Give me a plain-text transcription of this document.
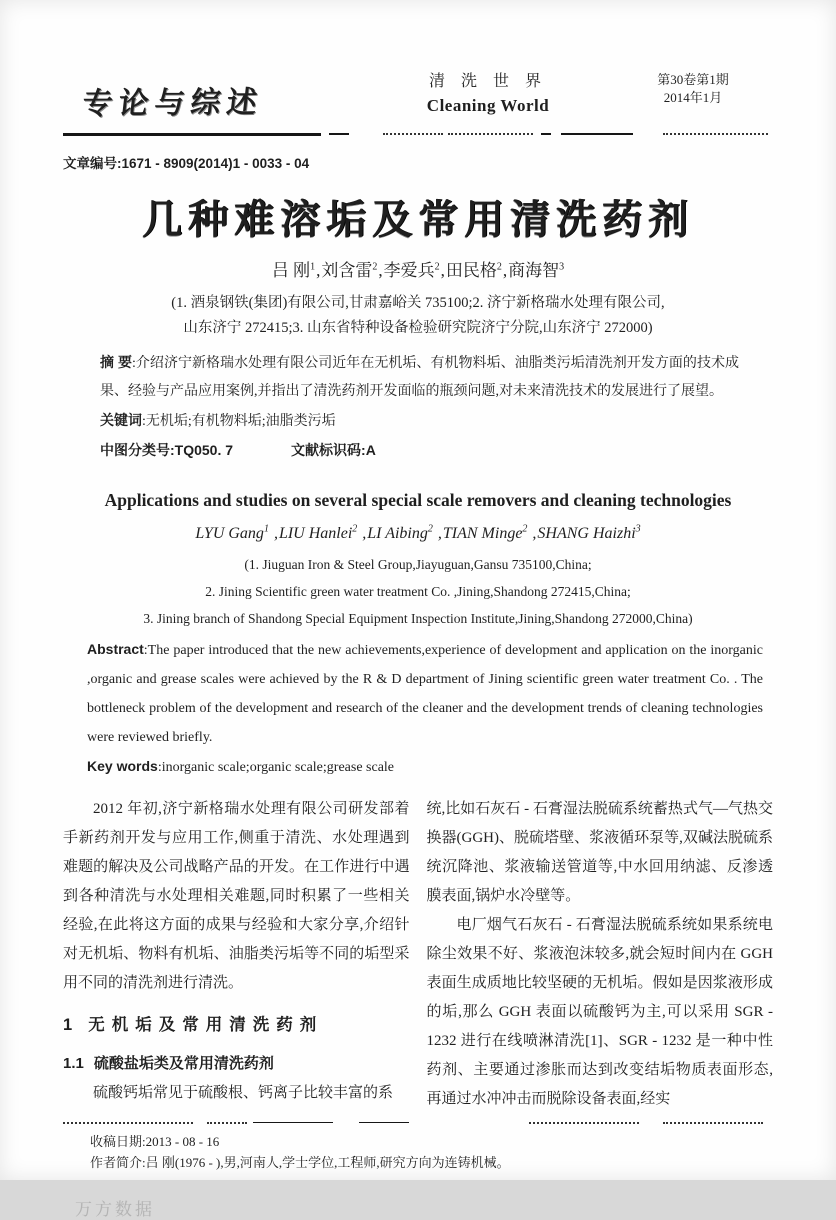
专论与综述
清 洗 世 界
Cleaning World
第30卷第1期
2014年1月
文章编号:1671 - 8909(2014)1 - 0033 - 04
几种难溶垢及常用清洗药剂
吕 刚$^1$,刘含雷$^2$,李爱兵$^2$,田民格$^2$,商海智$^3$
(1. 酒泉钢铁(集团)有限公司,甘肃嘉峪关 735100;2. 济宁新格瑞水处理有限公司,
山东济宁 272415;3. 山东省特种设备检验研究院济宁分院,山东济宁 272000)

摘 要:介绍济宁新格瑞水处理有限公司近年在无机垢、有机物料垢、油脂类污垢清洗剂开发方面的技术成果、经验与产品应用案例,并指出了清洗药剂开发面临的瓶颈问题,对未来清洗技术的发展进行了展望。

关键词:无机垢;有机物料垢;油脂类污垢

中图分类号:TQ050. 7	文献标识码:A

Applications and studies on several special scale removers and cleaning technologies
LYU Gang$^1$ ,LIU Hanlei$^2$ ,LI Aibing$^2$ ,TIAN Minge$^2$ ,SHANG Haizhi$^3$
(1. Jiuguan Iron & Steel Group,Jiayuguan,Gansu 735100,China;
2. Jining Scientific green water treatment Co. ,Jining,Shandong 272415,China;
3. Jining branch of Shandong Special Equipment Inspection Institute,Jining,Shandong 272000,China)

Abstract:The paper introduced that the new achievements,experience of development and application on the inorganic ,organic and grease scales were achieved by the R & D department of Jining scientific green water treatment Co. . The bottleneck problem of the development and research of the cleaner and the development trends of cleaning technologies were reviewed briefly.

Key words:inorganic scale;organic scale;grease scale

2012 年初,济宁新格瑞水处理有限公司研发部着手新药剂开发与应用工作,侧重于清洗、水处理遇到难题的解决及公司战略产品的开发。在工作进行中遇到各种清洗与水处理相关难题,同时积累了一些相关经验,在此将这方面的成果与经验和大家分享,介绍针对无机垢、物料有机垢、油脂类污垢等不同的垢型采用不同的清洗剂进行清洗。

1 无机垢及常用清洗药剂
1.1 硫酸盐垢类及常用清洗药剂

硫酸钙垢常见于硫酸根、钙离子比较丰富的系

统,比如石灰石 - 石膏湿法脱硫系统蓄热式气—气热交换器(GGH)、脱硫塔壁、浆液循环泵等,双碱法脱硫系统沉降池、浆液输送管道等,中水回用纳滤、反渗透膜表面,锅炉水冷壁等。

电厂烟气石灰石 - 石膏湿法脱硫系统如果系统电除尘效果不好、浆液泡沫较多,就会短时间内在 GGH 表面生成质地比较坚硬的无机垢。假如是因浆液形成的垢,那么 GGH 表面以硫酸钙为主,可以采用 SGR - 1232 进行在线喷淋清洗[1]、SGR - 1232 是一种中性药剂、主要通过渗胀而达到改变结垢物质表面形态,再通过水冲冲击而脱除设备表面,经实

收稿日期:2013 - 08 - 16
作者简介:吕 刚(1976 - ),男,河南人,学士学位,工程师,研究方向为连铸机械。
万方数据
